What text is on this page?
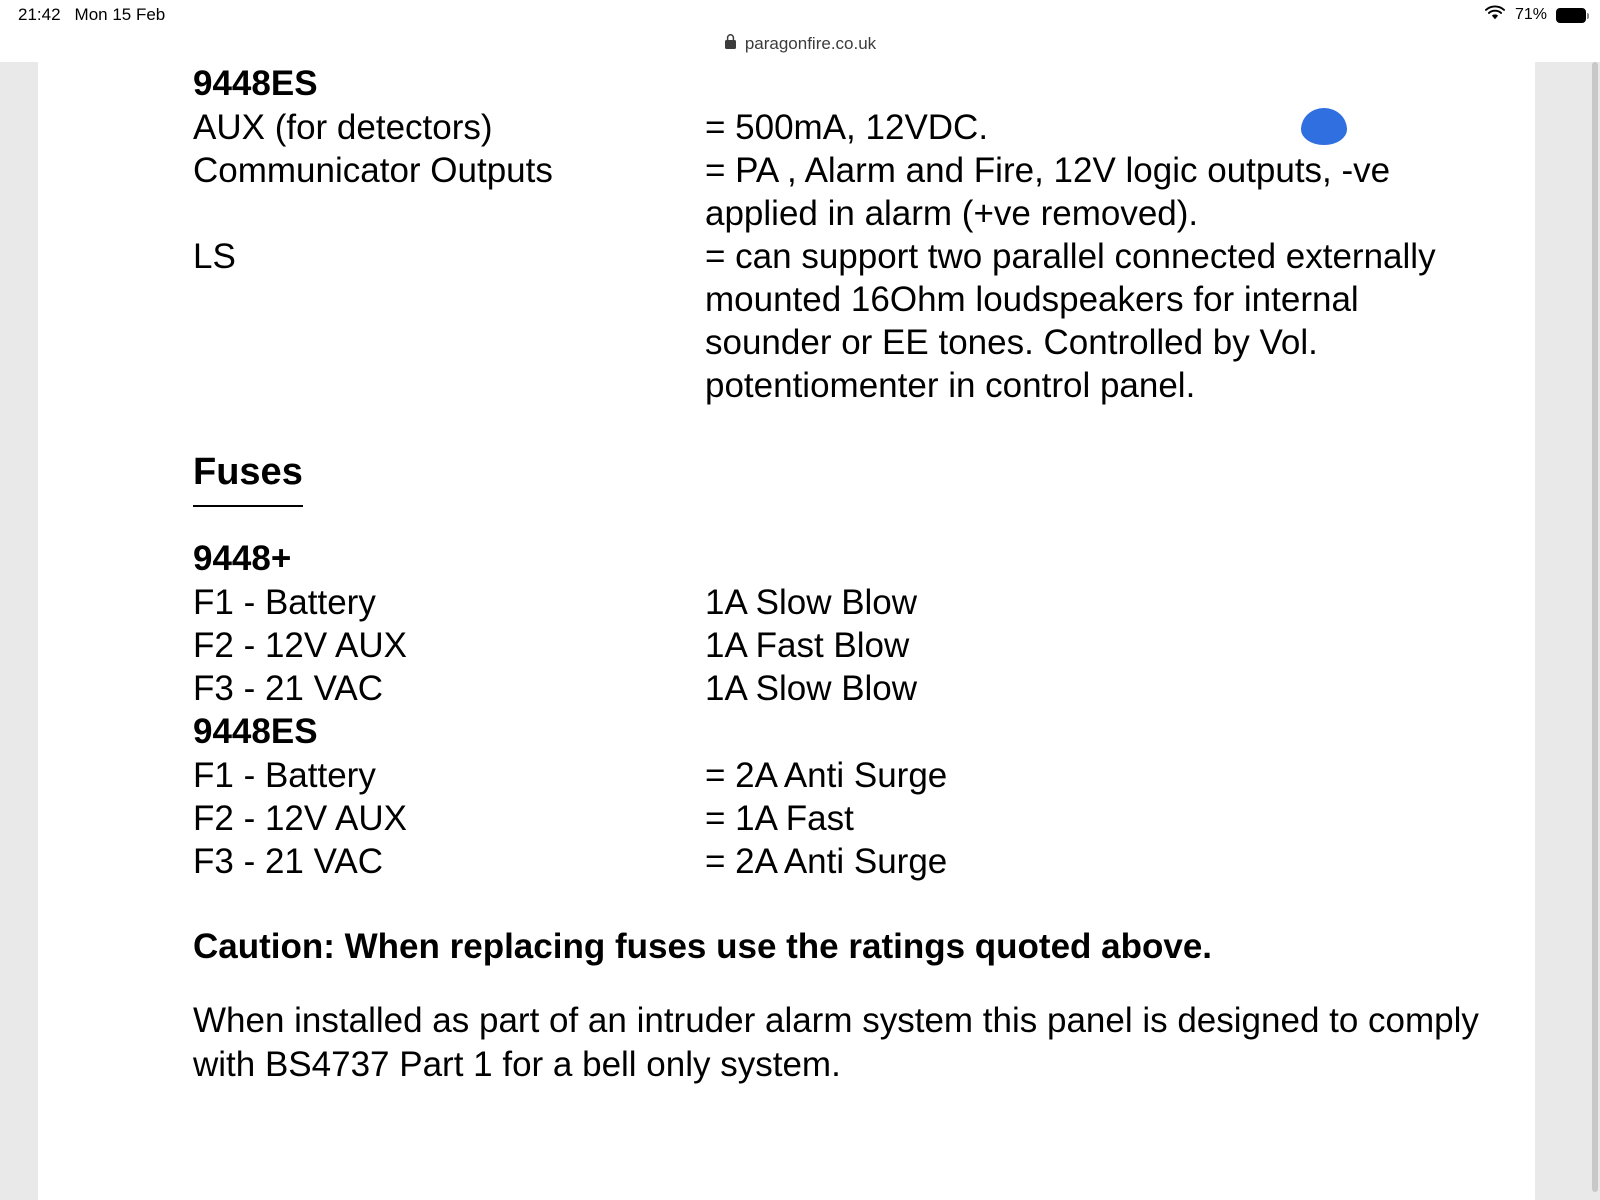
21:42 Mon 15 Feb	71%
paragonfire.co.uk
9448ES
AUX (for detectors)	= 500mA, 12VDC.
Communicator Outputs	= PA , Alarm and Fire, 12V logic outputs, -ve applied in alarm (+ve removed).
LS	= can support two parallel connected externally mounted 16Ohm loudspeakers for internal sounder or EE tones. Controlled by Vol. potentiomenter in control panel.
Fuses
9448+
F1 - Battery	1A Slow Blow
F2 - 12V AUX	1A Fast Blow
F3 - 21 VAC	1A Slow Blow
9448ES
F1 - Battery	= 2A Anti Surge
F2 - 12V AUX	= 1A Fast
F3 - 21 VAC	= 2A Anti Surge
Caution: When replacing fuses use the ratings quoted above.
When installed as part of an intruder alarm system this panel is designed to comply with BS4737 Part 1 for a bell only system.
